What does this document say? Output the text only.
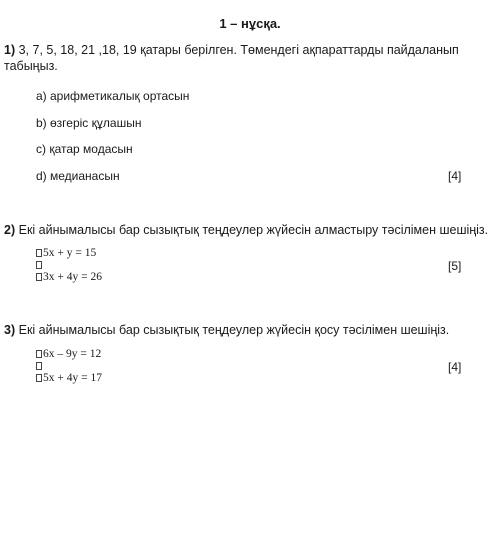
1 – нұсқа.
1) 3, 7, 5, 18, 21 ,18, 19 қатары берілген. Төмендегі ақпараттарды пайдаланып
табыңыз.
a) арифметикалық ортасын
b) өзгеріс құлашын
c) қатар модасын
d) медианасын	[4]
2) Екі айнымалысы бар сызықтық теңдеулер жүйесін алмастыру тәсілімен шешіңіз.
5x + y = 15
3x + 4y = 26
[5]
3) Екі айнымалысы бар сызықтық теңдеулер жүйесін қосу тәсілімен шешіңіз.
6x – 9y = 12
5x + 4y = 17
[4]
